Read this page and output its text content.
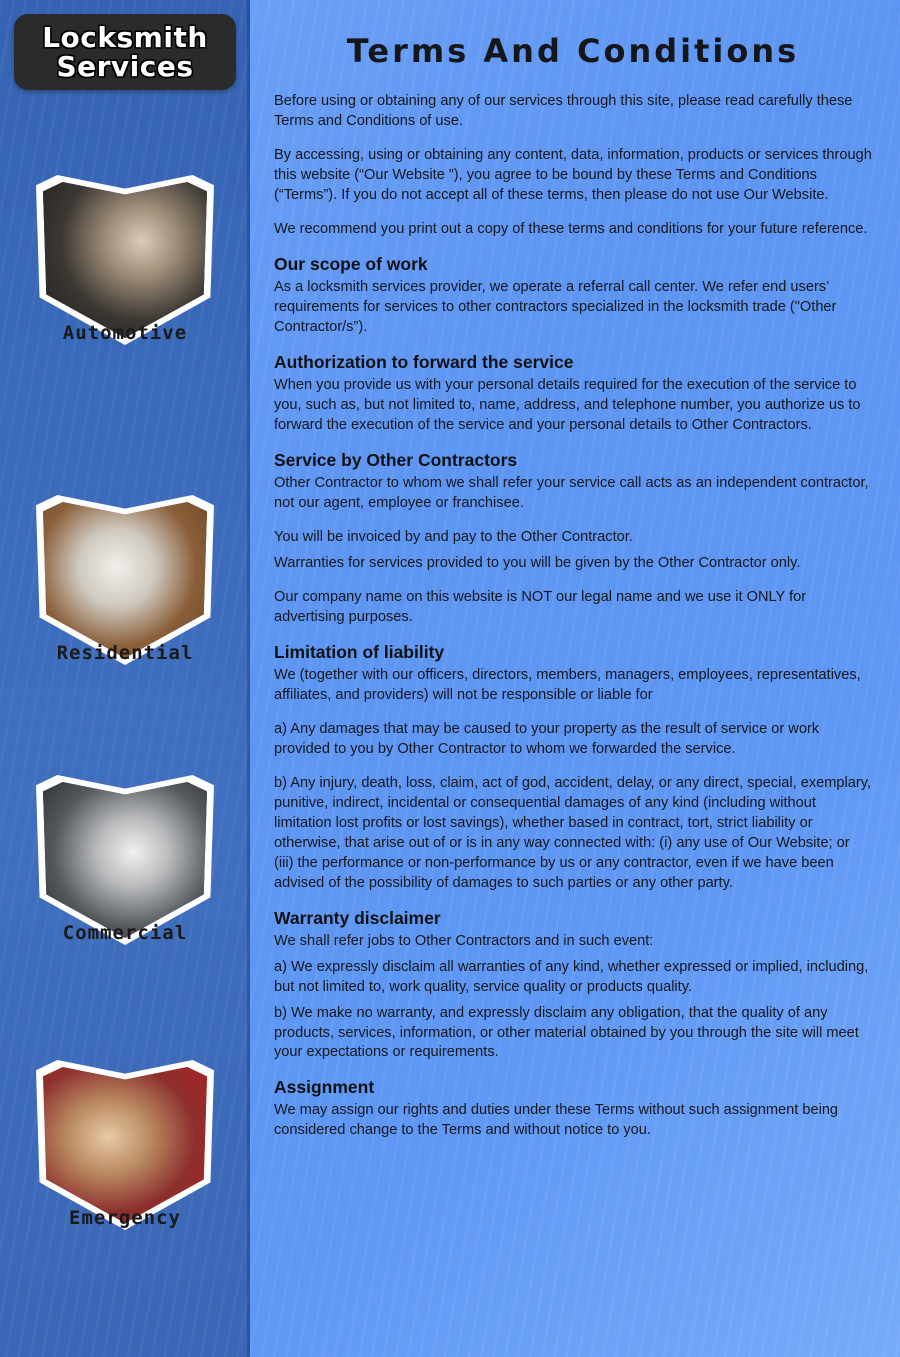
Locksmith
Services
Automotive
Residential
Commercial
Emergency
Terms And Conditions

Before using or obtaining any of our services through this site, please read carefully these Terms and Conditions of use.

By accessing, using or obtaining any content, data, information, products or services through this website (“Our Website ”), you agree to be bound by these Terms and Conditions (“Terms”). If you do not accept all of these terms, then please do not use Our Website.

We recommend you print out a copy of these terms and conditions for your future reference.

Our scope of work

As a locksmith services provider, we operate a referral call center. We refer end users’ requirements for services to other contractors specialized in the locksmith trade ("Other Contractor/s”).

Authorization to forward the service

When you provide us with your personal details required for the execution of the service to you, such as, but not limited to, name, address, and telephone number, you authorize us to forward the execution of the service and your personal details to Other Contractors.

Service by Other Contractors

Other Contractor to whom we shall refer your service call acts as an independent contractor, not our agent, employee or franchisee.

You will be invoiced by and pay to the Other Contractor.

Warranties for services provided to you will be given by the Other Contractor only.

Our company name on this website is NOT our legal name and we use it ONLY for advertising purposes.

Limitation of liability

We (together with our officers, directors, members, managers, employees, representatives, affiliates, and providers) will not be responsible or liable for

a) Any damages that may be caused to your property as the result of service or work provided to you by Other Contractor to whom we forwarded the service.

b) Any injury, death, loss, claim, act of god, accident, delay, or any direct, special, exemplary, punitive, indirect, incidental or consequential damages of any kind (including without limitation lost profits or lost savings), whether based in contract, tort, strict liability or otherwise, that arise out of or is in any way connected with: (i) any use of Our Website; or (iii) the performance or non-performance by us or any contractor, even if we have been advised of the possibility of damages to such parties or any other party.

Warranty disclaimer

We shall refer jobs to Other Contractors and in such event:

a) We expressly disclaim all warranties of any kind, whether expressed or implied, including, but not limited to, work quality, service quality or products quality.

b) We make no warranty, and expressly disclaim any obligation, that the quality of any products, services, information, or other material obtained by you through the site will meet your expectations or requirements.

Assignment

We may assign our rights and duties under these Terms without such assignment being considered change to the Terms and without notice to you.
